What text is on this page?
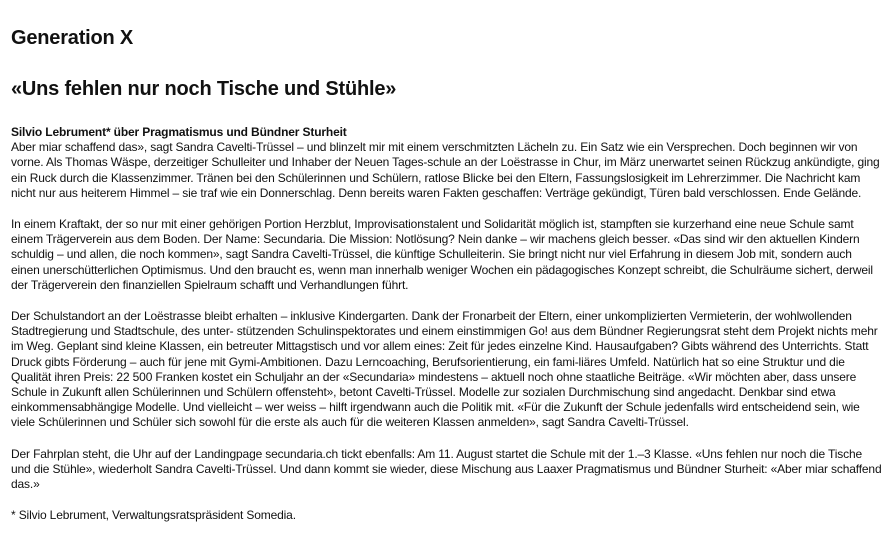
Generation X
«Uns fehlen nur noch Tische und Stühle»

Silvio Lebrument* über Pragmatismus und Bündner Sturheit
Aber miar schaffend das», sagt Sandra Cavelti-Trüssel – und blinzelt mir mit einem verschmitzten Lächeln zu. Ein Satz wie ein Versprechen. Doch beginnen wir von vorne. Als Thomas Wäspe, derzeitiger Schulleiter und Inhaber der Neuen Tages-schule an der Loëstrasse in Chur, im März unerwartet seinen Rückzug ankündigte, ging ein Ruck durch die Klassenzimmer. Tränen bei den Schülerinnen und Schülern, ratlose Blicke bei den Eltern, Fassungslosigkeit im Lehrerzimmer. Die Nachricht kam nicht nur aus heiterem Himmel – sie traf wie ein Donnerschlag. Denn bereits waren Fakten geschaffen: Verträge gekündigt, Türen bald verschlossen. Ende Gelände.

In einem Kraftakt, der so nur mit einer gehörigen Portion Herzblut, Improvisationstalent und Solidarität möglich ist, stampften sie kurzerhand eine neue Schule samt einem Trägerverein aus dem Boden. Der Name: Secundaria. Die Mission: Notlösung? Nein danke – wir machens gleich besser. «Das sind wir den aktuellen Kindern schuldig – und allen, die noch kommen», sagt Sandra Cavelti-Trüssel, die künftige Schulleiterin. Sie bringt nicht nur viel Erfahrung in diesem Job mit, sondern auch einen unerschütterlichen Optimismus. Und den braucht es, wenn man innerhalb weniger Wochen ein pädagogisches Konzept schreibt, die Schulräume sichert, derweil der Trägerverein den finanziellen Spielraum schafft und Verhandlungen führt.

Der Schulstandort an der Loëstrasse bleibt erhalten – inklusive Kindergarten. Dank der Fronarbeit der Eltern, einer unkomplizierten Vermieterin, der wohlwollenden Stadtregierung und Stadtschule, des unter- stützenden Schulinspektorates und einem einstimmigen Go! aus dem Bündner Regierungsrat steht dem Projekt nichts mehr im Weg. Geplant sind kleine Klassen, ein betreuter Mittagstisch und vor allem eines: Zeit für jedes einzelne Kind. Hausaufgaben? Gibts während des Unterrichts. Statt Druck gibts Förderung – auch für jene mit Gymi-Ambitionen. Dazu Lerncoaching, Berufsorientierung, ein fami-liäres Umfeld. Natürlich hat so eine Struktur und die Qualität ihren Preis: 22 500 Franken kostet ein Schuljahr an der «Secundaria» mindestens – aktuell noch ohne staatliche Beiträge. «Wir möchten aber, dass unsere Schule in Zukunft allen Schülerinnen und Schülern offensteht», betont Cavelti-Trüssel. Modelle zur sozialen Durchmischung sind angedacht. Denkbar sind etwa einkommensabhängige Modelle. Und vielleicht – wer weiss – hilft irgendwann auch die Politik mit. «Für die Zukunft der Schule jedenfalls wird entscheidend sein, wie viele Schülerinnen und Schüler sich sowohl für die erste als auch für die weiteren Klassen anmelden», sagt Sandra Cavelti-Trüssel.

Der Fahrplan steht, die Uhr auf der Landingpage secundaria.ch tickt ebenfalls: Am 11. August startet die Schule mit der 1.–3 Klasse. «Uns fehlen nur noch die Tische und die Stühle», wiederholt Sandra Cavelti-Trüssel. Und dann kommt sie wieder, diese Mischung aus Laaxer Pragmatismus und Bündner Sturheit: «Aber miar schaffend das.»

* Silvio Lebrument, Verwaltungsratspräsident Somedia.
